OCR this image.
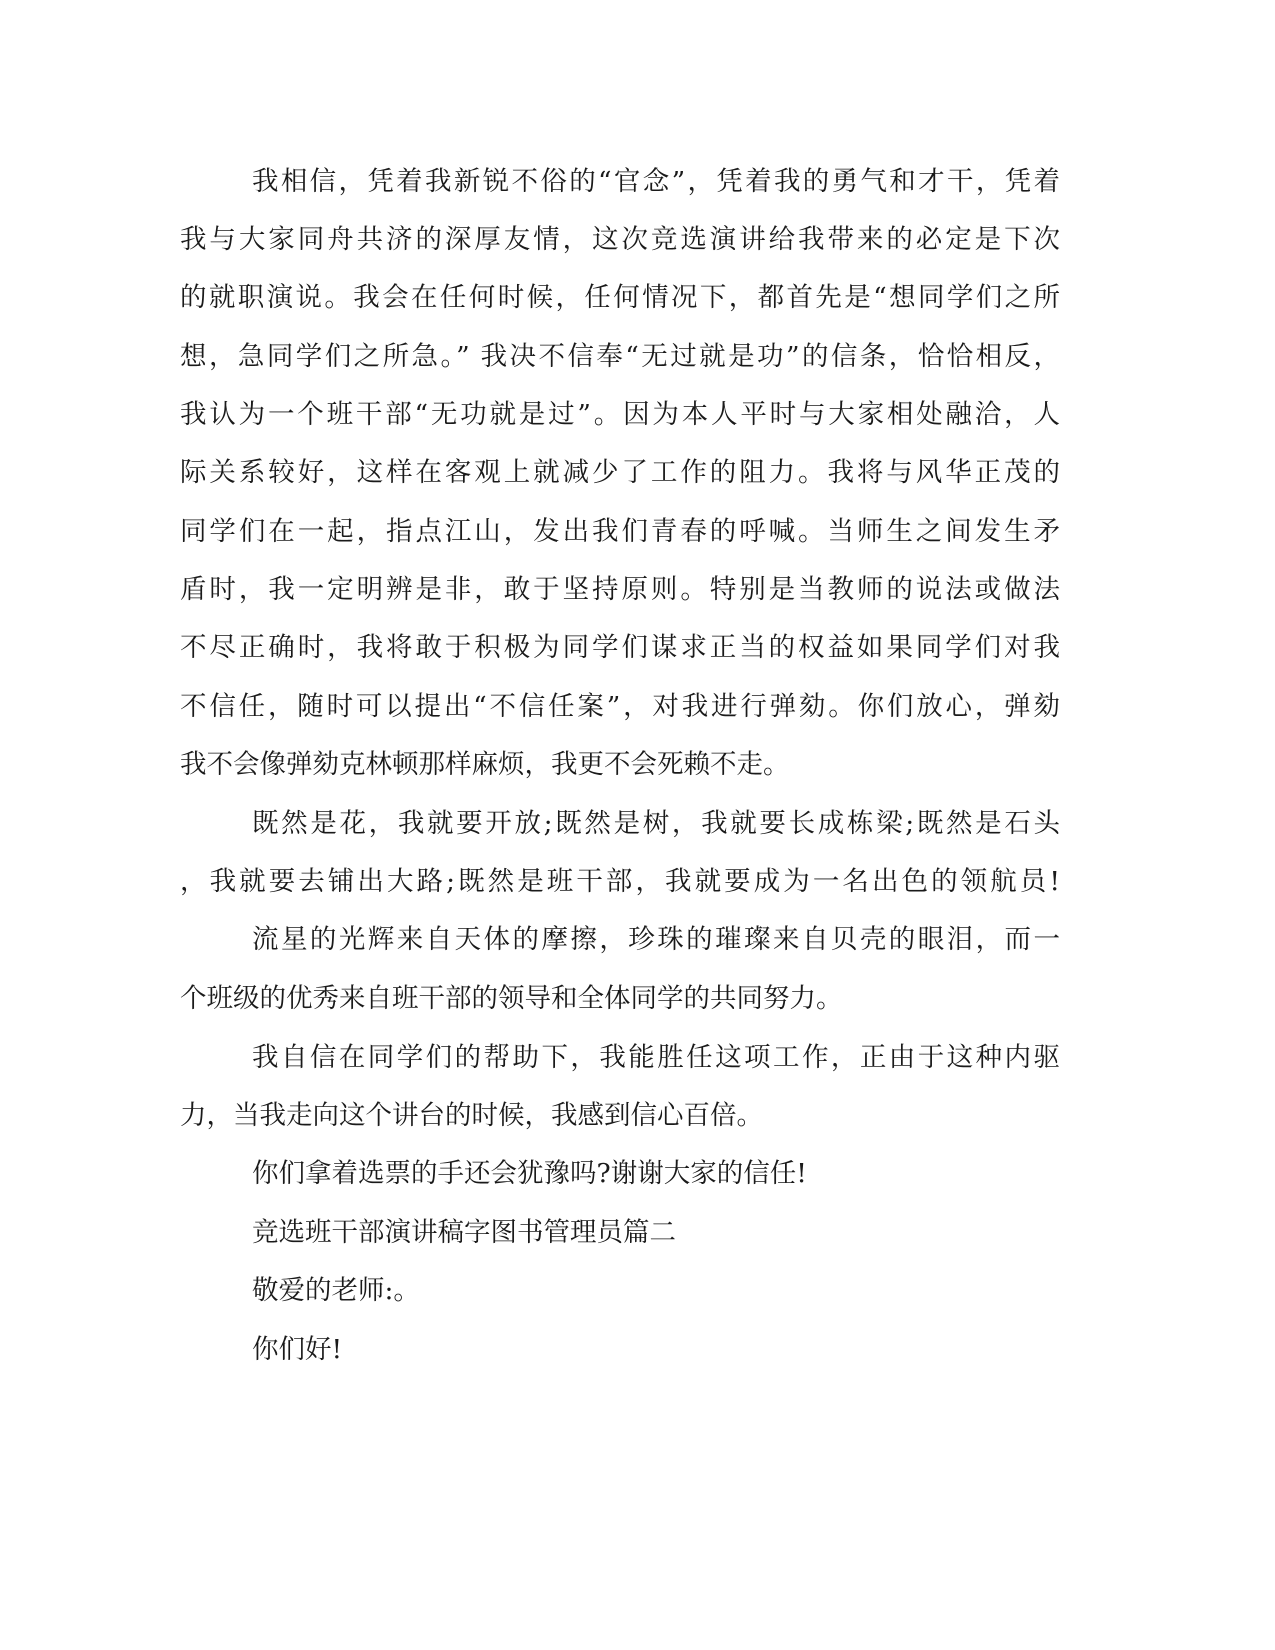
我相信，凭着我新锐不俗的“官念”，凭着我的勇气和才干，凭着
我与大家同舟共济的深厚友情，这次竞选演讲给我带来的必定是下次
的就职演说。我会在任何时候，任何情况下，都首先是“想同学们之所
想，急同学们之所急。” 我决不信奉“无过就是功”的信条，恰恰相反，
我认为一个班干部“无功就是过”。因为本人平时与大家相处融洽，人
际关系较好，这样在客观上就减少了工作的阻力。我将与风华正茂的
同学们在一起，指点江山，发出我们青春的呼喊。当师生之间发生矛
盾时，我一定明辨是非，敢于坚持原则。特别是当教师的说法或做法
不尽正确时，我将敢于积极为同学们谋求正当的权益如果同学们对我
不信任，随时可以提出“不信任案”，对我进行弹劾。你们放心，弹劾
我不会像弹劾克林顿那样麻烦，我更不会死赖不走。
既然是花，我就要开放;既然是树，我就要长成栋梁;既然是石头
，我就要去铺出大路;既然是班干部，我就要成为一名出色的领航员!
流星的光辉来自天体的摩擦，珍珠的璀璨来自贝壳的眼泪，而一
个班级的优秀来自班干部的领导和全体同学的共同努力。
我自信在同学们的帮助下，我能胜任这项工作，正由于这种内驱
力，当我走向这个讲台的时候，我感到信心百倍。
你们拿着选票的手还会犹豫吗?谢谢大家的信任!
竞选班干部演讲稿字图书管理员篇二
敬爱的老师:。
你们好!
